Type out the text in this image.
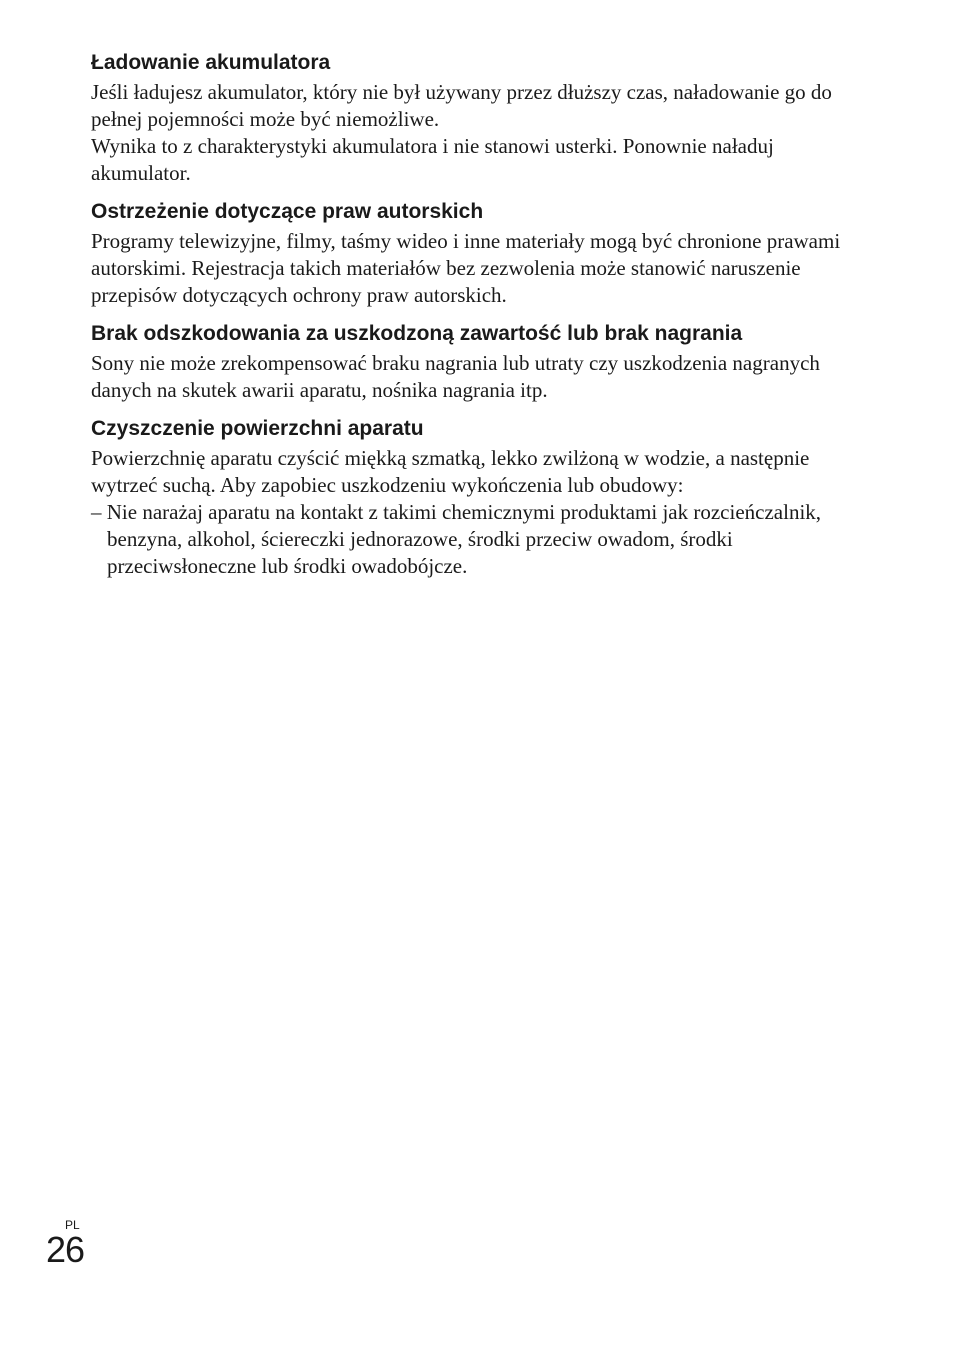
Ładowanie akumulatora

Jeśli ładujesz akumulator, który nie był używany przez dłuższy czas, naładowanie go do pełnej pojemności może być niemożliwe.

Wynika to z charakterystyki akumulatora i nie stanowi usterki. Ponownie naładuj akumulator.

Ostrzeżenie dotyczące praw autorskich

Programy telewizyjne, filmy, taśmy wideo i inne materiały mogą być chronione prawami autorskimi. Rejestracja takich materiałów bez zezwolenia może stanowić naruszenie przepisów dotyczących ochrony praw autorskich.

Brak odszkodowania za uszkodzoną zawartość lub brak nagrania

Sony nie może zrekompensować braku nagrania lub utraty czy uszkodzenia nagranych danych na skutek awarii aparatu, nośnika nagrania itp.

Czyszczenie powierzchni aparatu

Powierzchnię aparatu czyścić miękką szmatką, lekko zwilżoną w wodzie, a następnie wytrzeć suchą. Aby zapobiec uszkodzeniu wykończenia lub obudowy:

– Nie narażaj aparatu na kontakt z takimi chemicznymi produktami jak rozcieńczalnik, benzyna, alkohol, ściereczki jednorazowe, środki przeciw owadom, środki przeciwsłoneczne lub środki owadobójcze.

PL
26
